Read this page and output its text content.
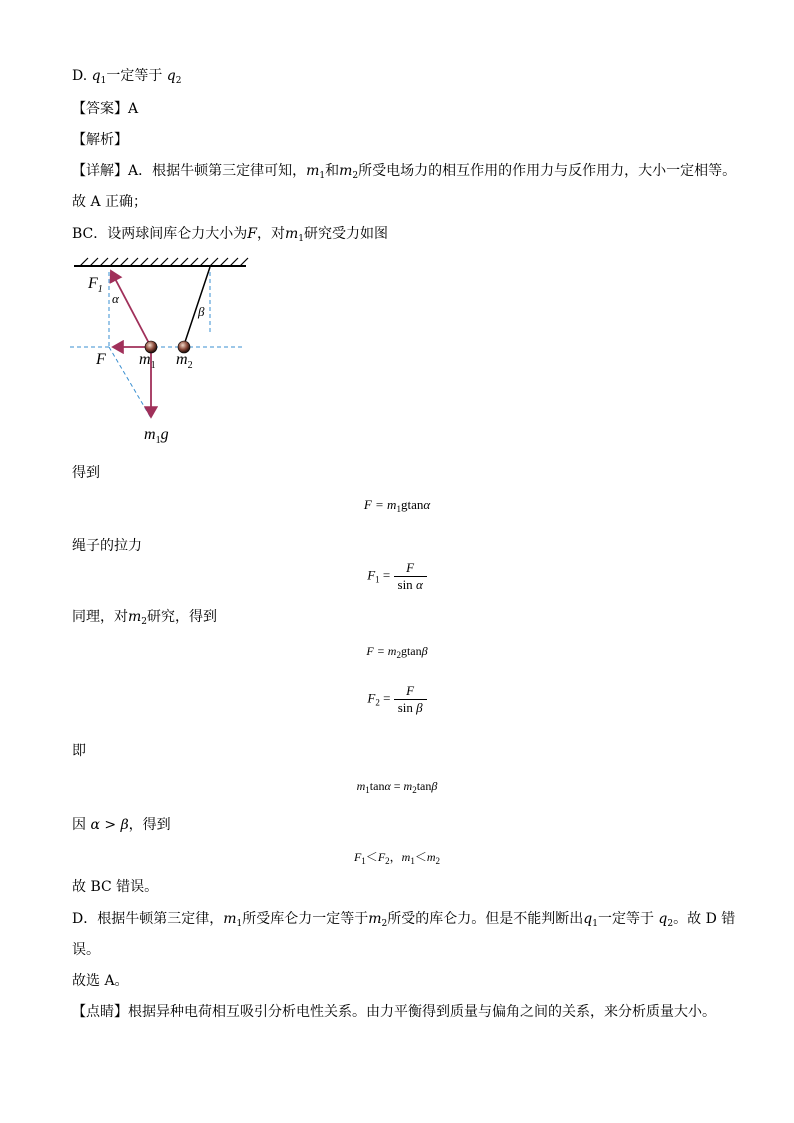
D. $q_1$一定等于 $q_2$
【答案】A
【解析】
【详解】A．根据牛顿第三定律可知，$m_1$和$m_2$所受电场力的相互作用的作用力与反作用力，大小一定相等。
故 A 正确；
BC．设两球间库仑力大小为F，对$m_1$研究受力如图
$F_1$
α
β
F $m_1$ $m_2$
$m_1g$
得到
$F = m_1gtan\alpha$
绳子的拉力
$F_1 = \frac{F}{\text{sin α}}$
同理，对$m_2$研究，得到
$F = m_2gtan\beta$
$F_2 = \frac{F}{\text{sin β}}$
即
$m_1\tan\alpha = m_2\tan\beta$
因 α > β，得到
$F_1<F_2$，$m_1<m_2$
故 BC 错误。
D．根据牛顿第三定律，$m_1$所受库仑力一定等于$m_2$所受的库仑力。但是不能判断出$q_1$一定等于 $q_2$。故 D 错
误。
故选 A。
【点睛】根据异种电荷相互吸引分析电性关系。由力平衡得到质量与偏角之间的关系，来分析质量大小。
